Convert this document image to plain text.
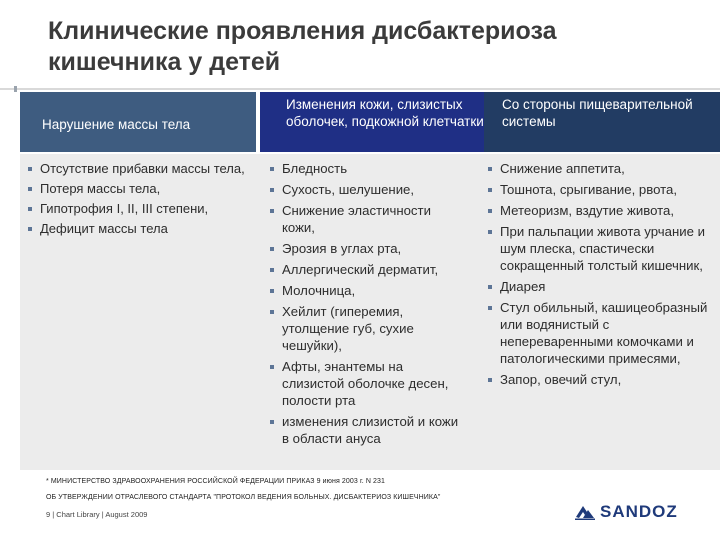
Клинические проявления дисбактериоза кишечника у детей
Нарушение массы тела
Изменения кожи, слизистых оболочек, подкожной клетчатки
Со стороны пищеварительной системы
Отсутствие прибавки массы тела,
Потеря массы тела,
Гипотрофия I, II, III степени,
Дефицит массы тела
Бледность
Сухость, шелушение,
Снижение эластичности кожи,
Эрозия в углах рта,
Аллергический дерматит,
Молочница,
Хейлит (гиперемия, утолщение губ, сухие чешуйки),
Афты, энантемы на слизистой оболочке десен, полости рта
изменения слизистой и кожи в области ануса
Снижение аппетита,
Тошнота, срыгивание, рвота,
Метеоризм, вздутие живота,
При пальпации живота урчание и шум плеска, спастически сокращенный толстый кишечник,
Диарея
Стул обильный, кашицеобразный или водянистый с непереваренными комочками и патологическими примесями,
Запор, овечий стул,
* МИНИСТЕРСТВО ЗДРАВООХРАНЕНИЯ РОССИЙСКОЙ ФЕДЕРАЦИИ ПРИКАЗ 9 июня 2003 г. N 231
ОБ УТВЕРЖДЕНИИ ОТРАСЛЕВОГО СТАНДАРТА "ПРОТОКОЛ ВЕДЕНИЯ БОЛЬНЫХ. ДИСБАКТЕРИОЗ КИШЕЧНИКА"
9 | Chart Library | August 2009	SANDOZ
